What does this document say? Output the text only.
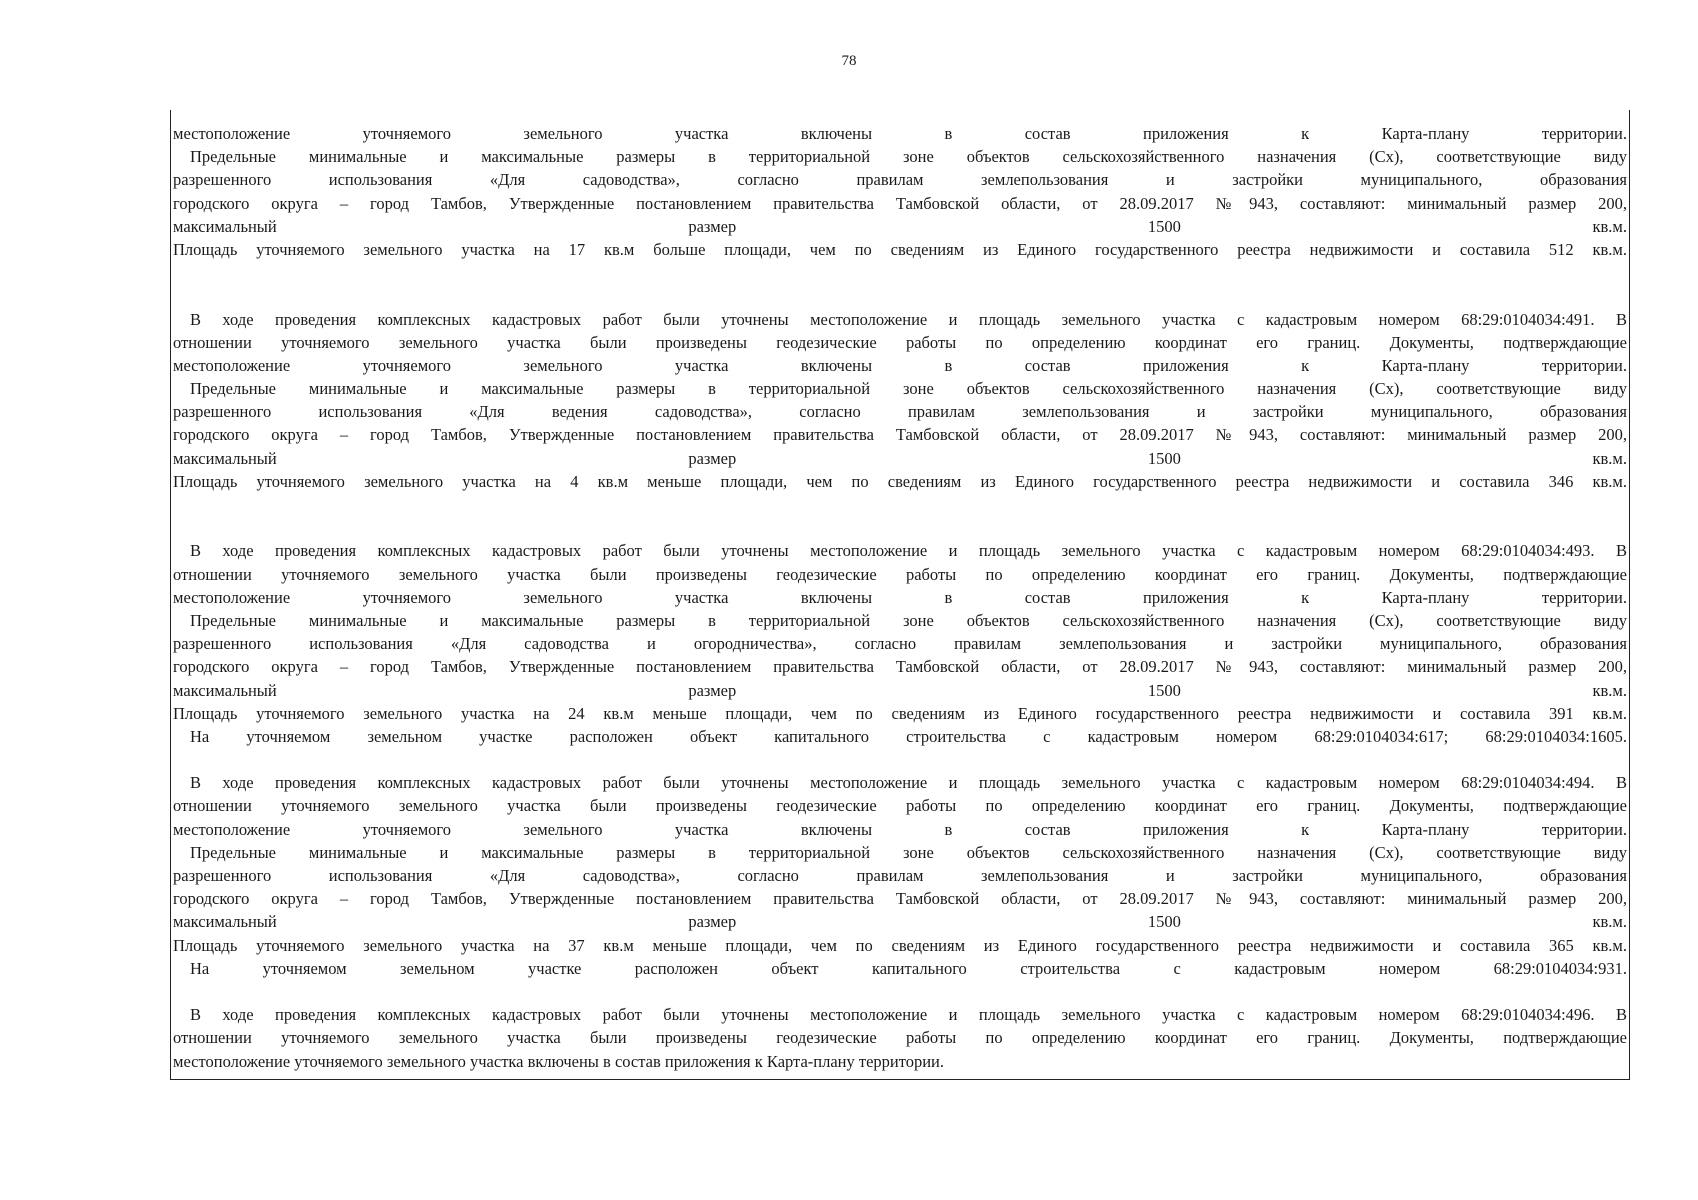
78
местоположение уточняемого земельного участка включены в состав приложения к Карта-плану территории.
Предельные минимальные и максимальные размеры в территориальной зоне объектов сельскохозяйственного назначения (Сх), соответствующие виду
разрешенного использования «Для садоводства», согласно правилам землепользования и застройки муниципального, образования
городского округа – город Тамбов, Утвержденные постановлением правительства Тамбовской области, от 28.09.2017 №943, составляют: минимальный размер 200,
максимальный размер 1500 кв.м.
Площадь уточняемого земельного участка на 17 кв.м больше площади, чем по сведениям из Единого государственного реестра недвижимости и составила 512 кв.м.
В ходе проведения комплексных кадастровых работ были уточнены местоположение и площадь земельного участка с кадастровым номером 68:29:0104034:491. В
отношении уточняемого земельного участка были произведены геодезические работы по определению координат его границ. Документы, подтверждающие
местоположение уточняемого земельного участка включены в состав приложения к Карта-плану территории.
Предельные минимальные и максимальные размеры в территориальной зоне объектов сельскохозяйственного назначения (Сх), соответствующие виду
разрешенного использования «Для ведения садоводства», согласно правилам землепользования и застройки муниципального, образования
городского округа – город Тамбов, Утвержденные постановлением правительства Тамбовской области, от 28.09.2017 №943, составляют: минимальный размер 200,
максимальный размер 1500 кв.м.
Площадь уточняемого земельного участка на 4 кв.м меньше площади, чем по сведениям из Единого государственного реестра недвижимости и составила 346 кв.м.
В ходе проведения комплексных кадастровых работ были уточнены местоположение и площадь земельного участка с кадастровым номером 68:29:0104034:493. В
отношении уточняемого земельного участка были произведены геодезические работы по определению координат его границ. Документы, подтверждающие
местоположение уточняемого земельного участка включены в состав приложения к Карта-плану территории.
Предельные минимальные и максимальные размеры в территориальной зоне объектов сельскохозяйственного назначения (Сх), соответствующие виду
разрешенного использования «Для садоводства и огородничества», согласно правилам землепользования и застройки муниципального, образования
городского округа – город Тамбов, Утвержденные постановлением правительства Тамбовской области, от 28.09.2017 №943, составляют: минимальный размер 200,
максимальный размер 1500 кв.м.
Площадь уточняемого земельного участка на 24 кв.м меньше площади, чем по сведениям из Единого государственного реестра недвижимости и составила 391 кв.м.
На уточняемом земельном участке расположен объект капитального строительства с кадастровым номером 68:29:0104034:617; 68:29:0104034:1605.
В ходе проведения комплексных кадастровых работ были уточнены местоположение и площадь земельного участка с кадастровым номером 68:29:0104034:494. В
отношении уточняемого земельного участка были произведены геодезические работы по определению координат его границ. Документы, подтверждающие
местоположение уточняемого земельного участка включены в состав приложения к Карта-плану территории.
Предельные минимальные и максимальные размеры в территориальной зоне объектов сельскохозяйственного назначения (Сх), соответствующие виду
разрешенного использования «Для садоводства», согласно правилам землепользования и застройки муниципального, образования
городского округа – город Тамбов, Утвержденные постановлением правительства Тамбовской области, от 28.09.2017 №943, составляют: минимальный размер 200,
максимальный размер 1500 кв.м.
Площадь уточняемого земельного участка на 37 кв.м меньше площади, чем по сведениям из Единого государственного реестра недвижимости и составила 365 кв.м.
На уточняемом земельном участке расположен объект капитального строительства с кадастровым номером 68:29:0104034:931.
В ходе проведения комплексных кадастровых работ были уточнены местоположение и площадь земельного участка с кадастровым номером 68:29:0104034:496. В
отношении уточняемого земельного участка были произведены геодезические работы по определению координат его границ. Документы, подтверждающие
местоположение уточняемого земельного участка включены в состав приложения к Карта-плану территории.
